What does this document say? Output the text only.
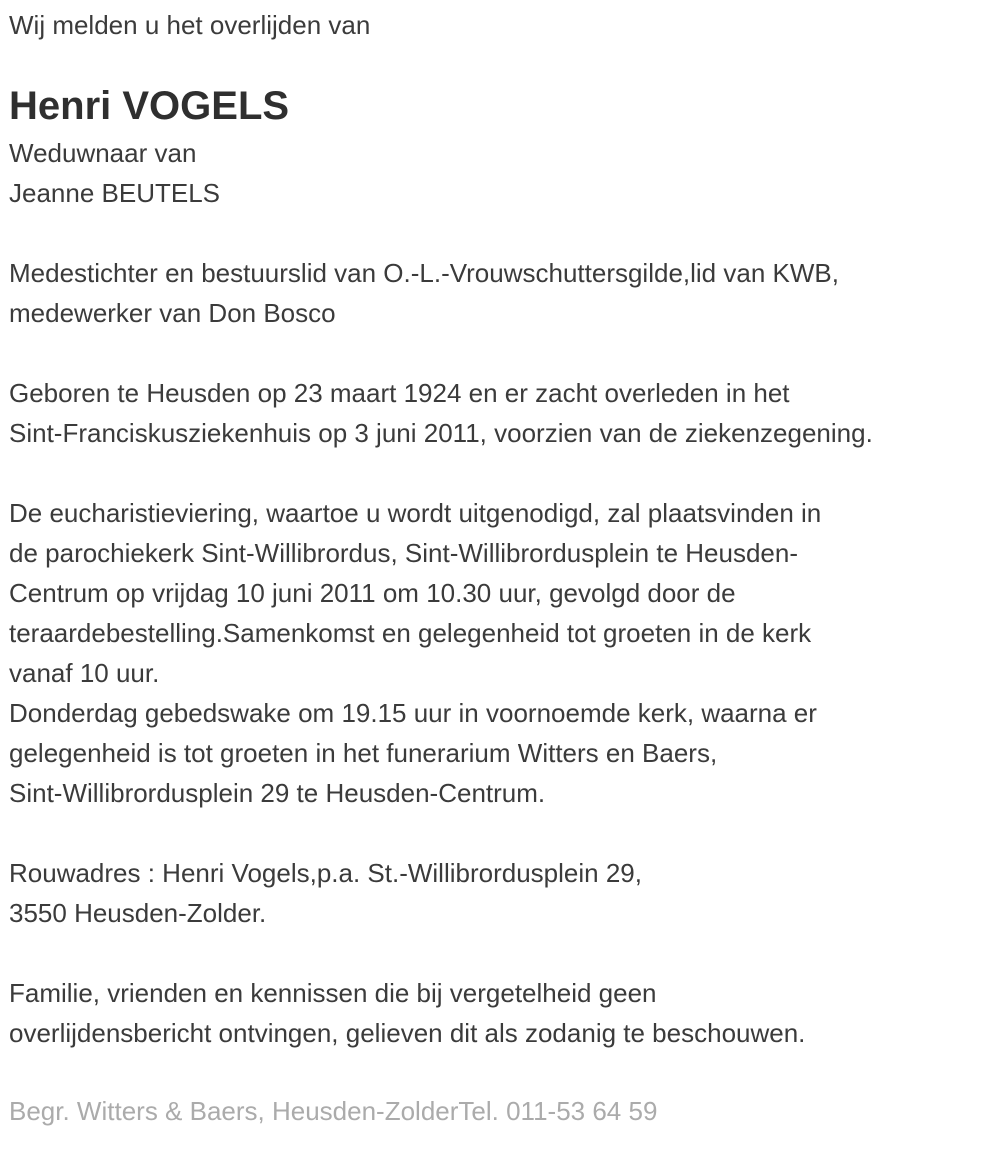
Wij melden u het overlijden van

Henri VOGELS
Weduwnaar van
Jeanne BEUTELS
Medestichter en bestuurslid van O.-L.-Vrouwschuttersgilde,lid van KWB,
medewerker van Don Bosco
Geboren te Heusden op 23 maart 1924 en er zacht overleden in het
Sint-Franciskusziekenhuis op 3 juni 2011, voorzien van de ziekenzegening.
De eucharistieviering, waartoe u wordt uitgenodigd, zal plaatsvinden in
de parochiekerk Sint-Willibrordus, Sint-Willibrordusplein te Heusden-
Centrum op vrijdag 10 juni 2011 om 10.30 uur, gevolgd door de
teraardebestelling.Samenkomst en gelegenheid tot groeten in de kerk
vanaf 10 uur.
Donderdag gebedswake om 19.15 uur in voornoemde kerk, waarna er
gelegenheid is tot groeten in het funerarium Witters en Baers,
Sint-Willibrordusplein 29 te Heusden-Centrum.
Rouwadres : Henri Vogels,p.a. St.-Willibrordusplein 29,
3550 Heusden-Zolder.
Familie, vrienden en kennissen die bij vergetelheid geen
overlijdensbericht ontvingen, gelieven dit als zodanig te beschouwen.
Begr. Witters & Baers, Heusden-ZolderTel. 011-53 64 59
